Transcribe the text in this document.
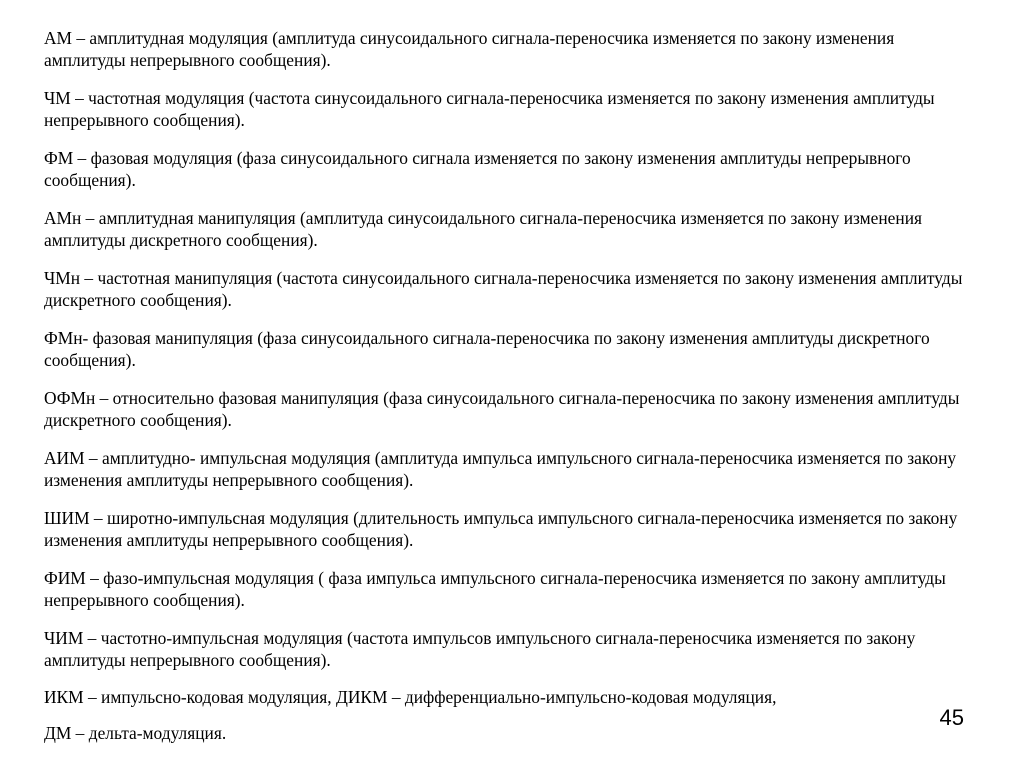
АМ – амплитудная модуляция (амплитуда синусоидального сигнала-переносчика изменяется по закону изменения амплитуды непрерывного сообщения).

ЧМ – частотная модуляция (частота синусоидального сигнала-переносчика изменяется по закону изменения амплитуды непрерывного сообщения).

ФМ – фазовая модуляция (фаза синусоидального сигнала изменяется по закону изменения амплитуды непрерывного сообщения).

АМн – амплитудная манипуляция (амплитуда синусоидального сигнала-переносчика изменяется по закону изменения амплитуды дискретного сообщения).

ЧМн – частотная манипуляция (частота синусоидального сигнала-переносчика изменяется по закону изменения амплитуды дискретного сообщения).

ФМн- фазовая манипуляция (фаза синусоидального сигнала-переносчика по закону изменения амплитуды дискретного сообщения).

ОФМн – относительно фазовая манипуляция (фаза синусоидального сигнала-переносчика по закону изменения амплитуды дискретного сообщения).

АИМ – амплитудно- импульсная модуляция (амплитуда импульса импульсного сигнала-переносчика изменяется по закону изменения амплитуды непрерывного сообщения).

ШИМ – широтно-импульсная модуляция (длительность импульса импульсного сигнала-переносчика изменяется по закону изменения амплитуды непрерывного сообщения).

ФИМ – фазо-импульсная модуляция ( фаза импульса импульсного сигнала-переносчика изменяется по закону амплитуды непрерывного сообщения).

ЧИМ – частотно-импульсная модуляция (частота импульсов импульсного сигнала-переносчика изменяется по закону амплитуды непрерывного сообщения).

ИКМ – импульсно-кодовая модуляция, ДИКМ – дифференциально-импульсно-кодовая модуляция,

ДМ – дельта-модуляция.

45
